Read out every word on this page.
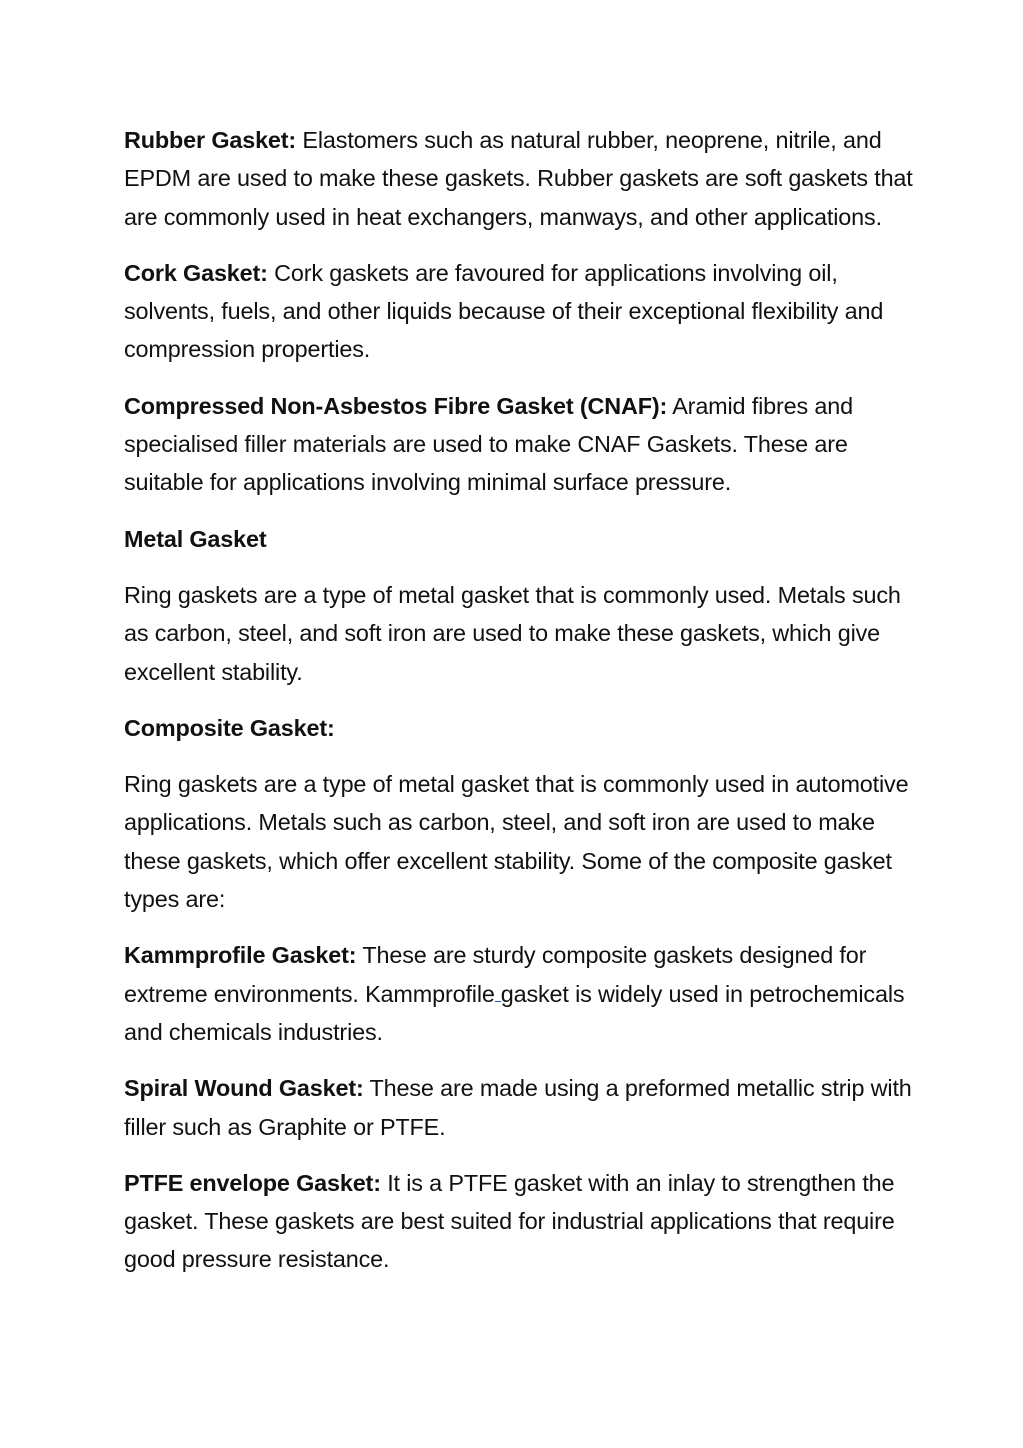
Rubber Gasket: Elastomers such as natural rubber, neoprene, nitrile, and EPDM are used to make these gaskets. Rubber gaskets are soft gaskets that are commonly used in heat exchangers, manways, and other applications.

Cork Gasket: Cork gaskets are favoured for applications involving oil, solvents, fuels, and other liquids because of their exceptional flexibility and compression properties.

Compressed Non-Asbestos Fibre Gasket (CNAF): Aramid fibres and specialised filler materials are used to make CNAF Gaskets. These are suitable for applications involving minimal surface pressure.

Metal Gasket

Ring gaskets are a type of metal gasket that is commonly used. Metals such as carbon, steel, and soft iron are used to make these gaskets, which give excellent stability.

Composite Gasket:

Ring gaskets are a type of metal gasket that is commonly used in automotive applications. Metals such as carbon, steel, and soft iron are used to make these gaskets, which offer excellent stability. Some of the composite gasket types are:

Kammprofile Gasket: These are sturdy composite gaskets designed for extreme environments. Kammprofile gasket is widely used in petrochemicals and chemicals industries.

Spiral Wound Gasket: These are made using a preformed metallic strip with filler such as Graphite or PTFE.

PTFE envelope Gasket: It is a PTFE gasket with an inlay to strengthen the gasket. These gaskets are best suited for industrial applications that require good pressure resistance.
